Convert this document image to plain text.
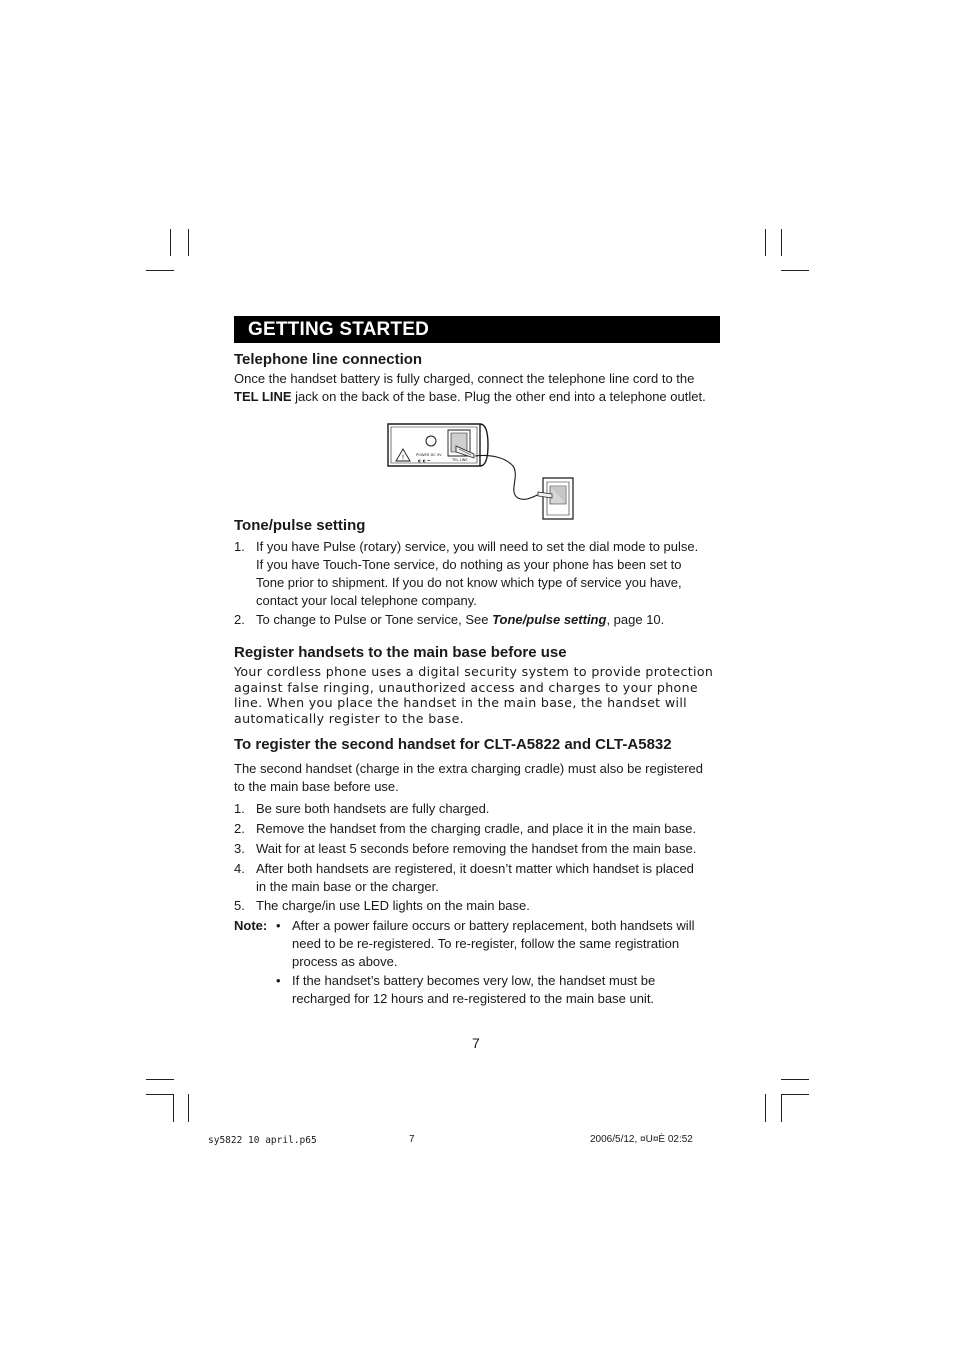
GETTING STARTED
Telephone line connection
Once the handset battery is fully charged, connect the telephone line cord to the
TEL LINE jack on the back of the base. Plug the other end into a telephone outlet.
!	POWER DC 9V
◐ ◐ ═	TEL LINE
Tone/pulse setting
1. If you have Pulse (rotary) service, you will need to set the dial mode to pulse.
If you have Touch-Tone service, do nothing as your phone has been set to
Tone prior to shipment. If you do not know which type of service you have,
contact your local telephone company.
2. To change to Pulse or Tone service, See Tone/pulse setting, page 10.
Register handsets to the main base before use
Your cordless phone uses a digital security system to provide protection
against false ringing, unauthorized access and charges to your phone
line. When you place the handset in the main base, the handset will
automatically register to the base.
To register the second handset for CLT-A5822 and CLT-A5832
The second handset (charge in the extra charging cradle) must also be registered
to the main base before use.
1. Be sure both handsets are fully charged.
2. Remove the handset from the charging cradle, and place it in the main base.
3. Wait for at least 5 seconds before removing the handset from the main base.
4. After both handsets are registered, it doesn’t matter which handset is placed
in the main base or the charger.
5. The charge/in use LED lights on the main base.
Note: • After a power failure occurs or battery replacement, both handsets will
need to be re-registered. To re-register, follow the same registration
process as above.
• If the handset’s battery becomes very low, the handset must be
recharged for 12 hours and re-registered to the main base unit.
7
sy5822 10 april.p65	7	2006/5/12, ¤U¤È 02:52
